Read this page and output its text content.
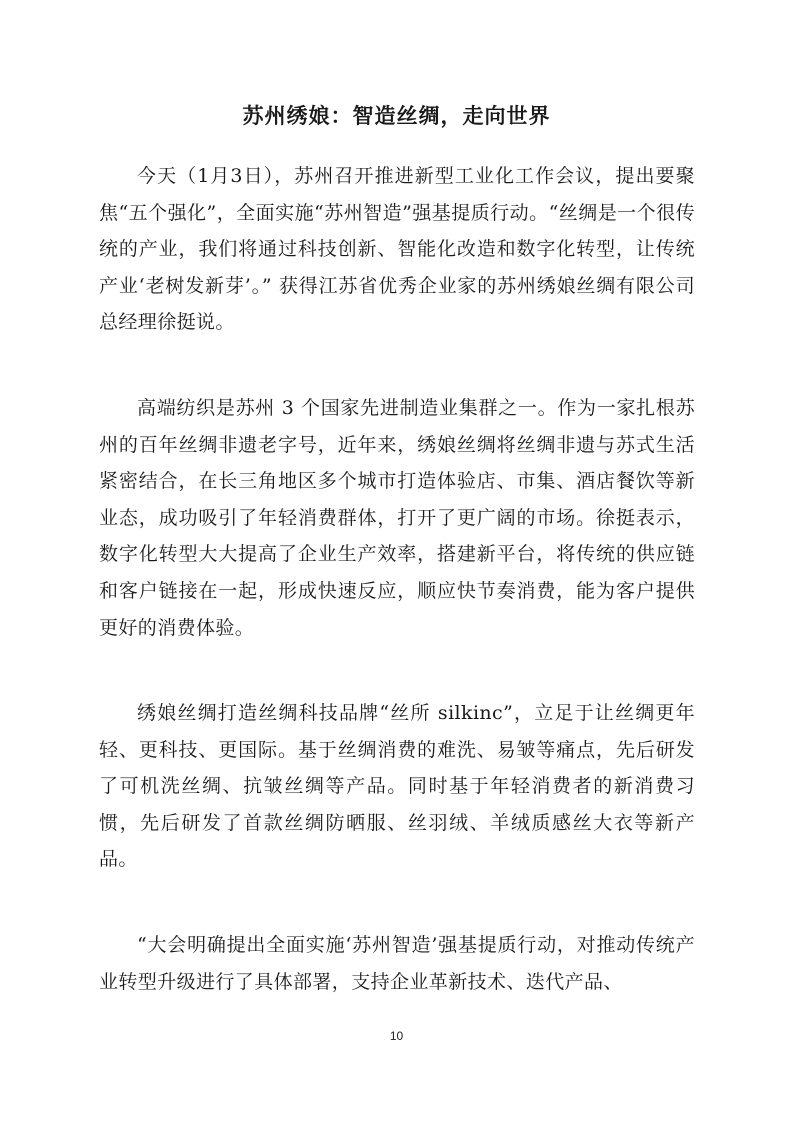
苏州绣娘：智造丝绸，走向世界

今天（1月3日），苏州召开推进新型工业化工作会议，提出要聚焦“五个强化”，全面实施“苏州智造”强基提质行动。“丝绸是一个很传统的产业，我们将通过科技创新、智能化改造和数字化转型，让传统产业‘老树发新芽’。” 获得江苏省优秀企业家的苏州绣娘丝绸有限公司总经理徐挺说。

高端纺织是苏州 3 个国家先进制造业集群之一。作为一家扎根苏州的百年丝绸非遗老字号，近年来，绣娘丝绸将丝绸非遗与苏式生活紧密结合，在长三角地区多个城市打造体验店、市集、酒店餐饮等新业态，成功吸引了年轻消费群体，打开了更广阔的市场。徐挺表示，数字化转型大大提高了企业生产效率，搭建新平台，将传统的供应链和客户链接在一起，形成快速反应，顺应快节奏消费，能为客户提供更好的消费体验。

绣娘丝绸打造丝绸科技品牌“丝所 silkinc”，立足于让丝绸更年轻、更科技、更国际。基于丝绸消费的难洗、易皱等痛点，先后研发了可机洗丝绸、抗皱丝绸等产品。同时基于年轻消费者的新消费习惯，先后研发了首款丝绸防晒服、丝羽绒、羊绒质感丝大衣等新产品。

“大会明确提出全面实施‘苏州智造’强基提质行动，对推动传统产业转型升级进行了具体部署，支持企业革新技术、迭代产品、

10
